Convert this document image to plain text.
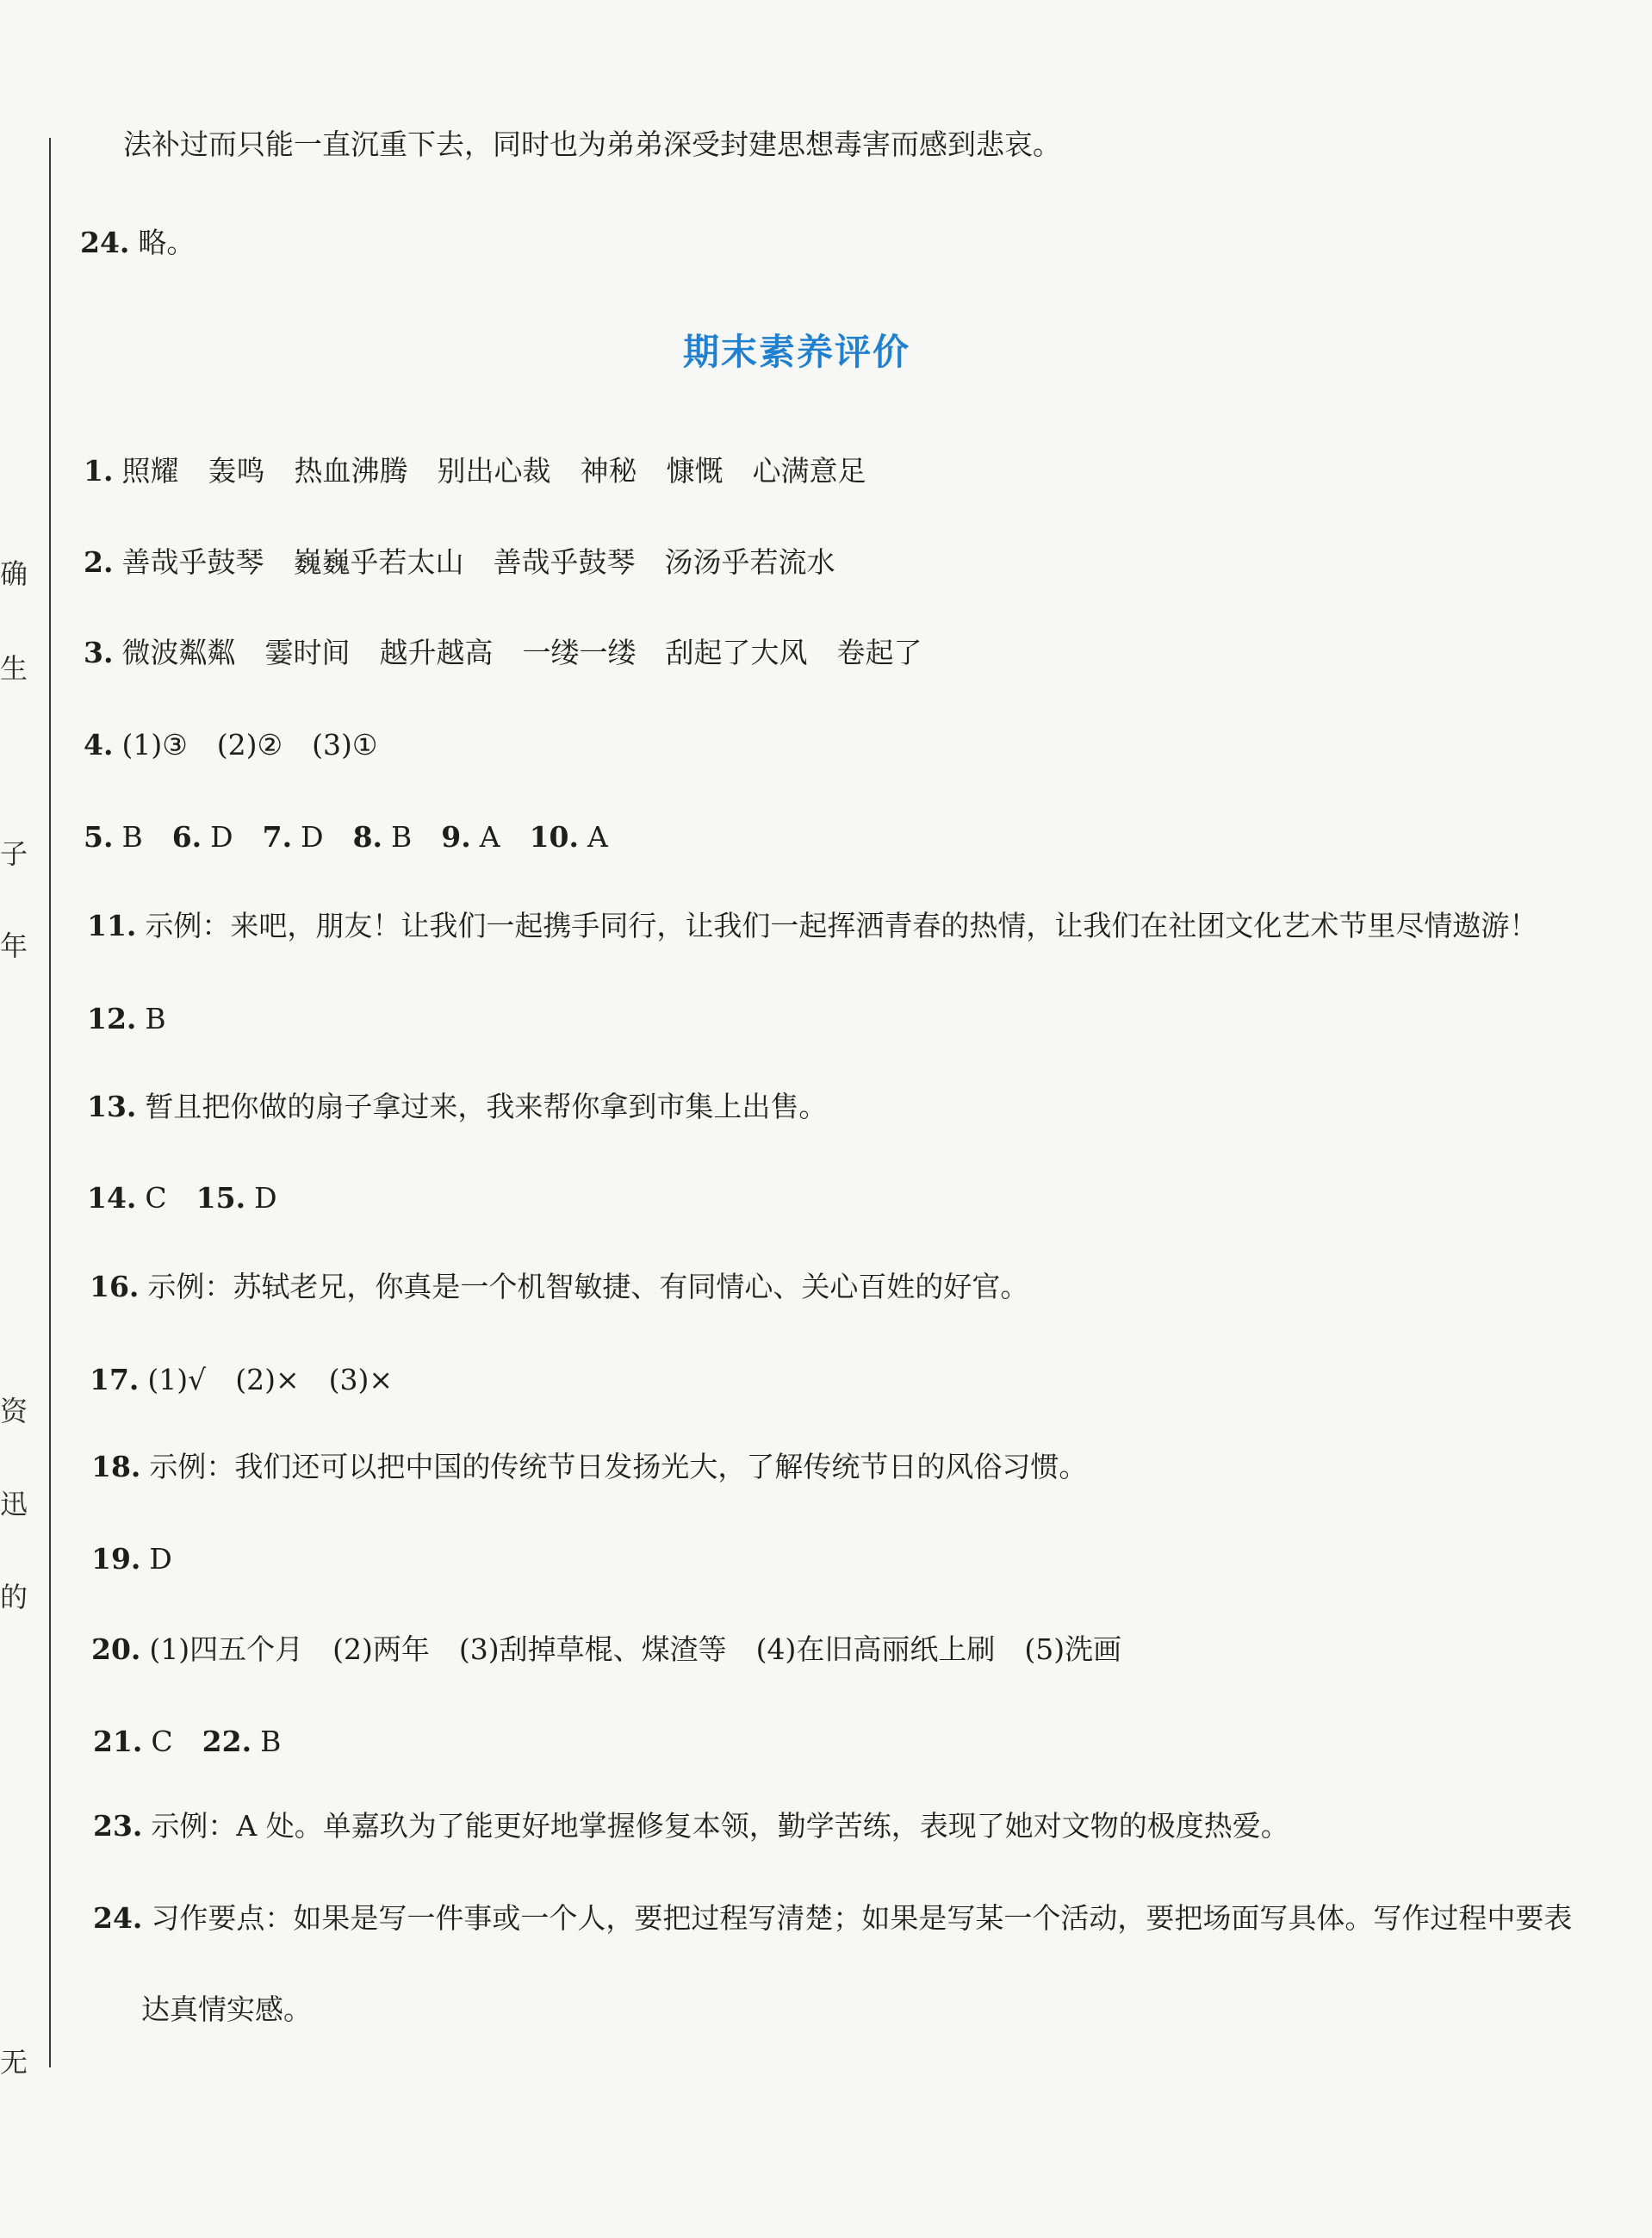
确
生
子
年
资
迅
的
无
法补过而只能一直沉重下去，同时也为弟弟深受封建思想毒害而感到悲哀。
24. 略。
期末素养评价
1. 照耀 轰鸣 热血沸腾 别出心裁 神秘 慷慨 心满意足
2. 善哉乎鼓琴 巍巍乎若太山 善哉乎鼓琴 汤汤乎若流水
3. 微波粼粼 霎时间 越升越高 一缕一缕 刮起了大风 卷起了
4. (1)③ (2)② (3)①
5. B 6. D 7. D 8. B 9. A 10. A
11. 示例：来吧，朋友！让我们一起携手同行，让我们一起挥洒青春的热情，让我们在社团文化艺术节里尽情遨游！
12. B
13. 暂且把你做的扇子拿过来，我来帮你拿到市集上出售。
14. C 15. D
16. 示例：苏轼老兄，你真是一个机智敏捷、有同情心、关心百姓的好官。
17. (1)√ (2)× (3)×
18. 示例：我们还可以把中国的传统节日发扬光大，了解传统节日的风俗习惯。
19. D
20. (1)四五个月 (2)两年 (3)刮掉草棍、煤渣等 (4)在旧高丽纸上刷 (5)洗画
21. C 22. B
23. 示例：A 处。单嘉玖为了能更好地掌握修复本领，勤学苦练，表现了她对文物的极度热爱。
24. 习作要点：如果是写一件事或一个人，要把过程写清楚；如果是写某一个活动，要把场面写具体。写作过程中要表
达真情实感。
